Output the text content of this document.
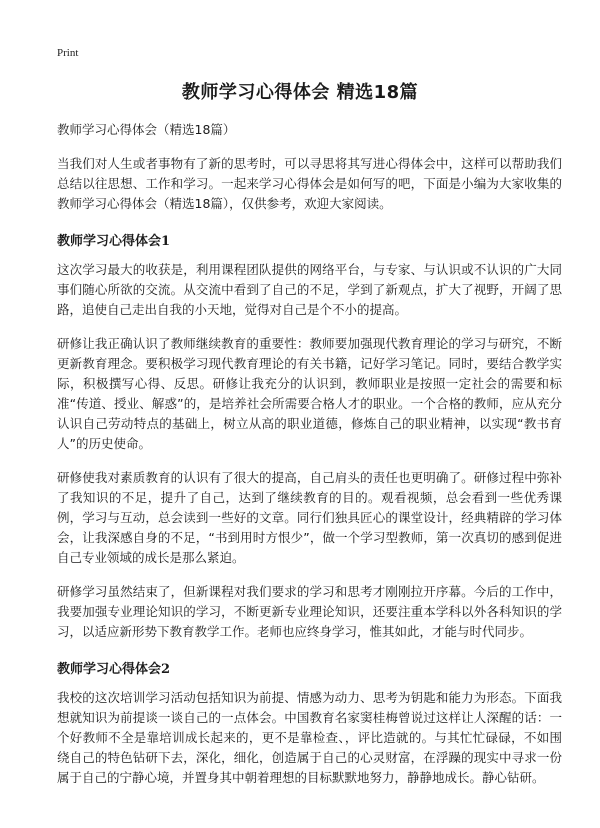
Print
教师学习心得体会 精选18篇

教师学习心得体会（精选18篇）

当我们对人生或者事物有了新的思考时，可以寻思将其写进心得体会中，这样可以帮助我们总结以往思想、工作和学习。一起来学习心得体会是如何写的吧，下面是小编为大家收集的教师学习心得体会（精选18篇），仅供参考，欢迎大家阅读。

教师学习心得体会1

这次学习最大的收获是，利用课程团队提供的网络平台，与专家、与认识或不认识的广大同事们随心所欲的交流。从交流中看到了自己的不足，学到了新观点，扩大了视野，开阔了思路，追使自己走出自我的小天地，觉得对自己是个不小的提高。

研修让我正确认识了教师继续教育的重要性：教师要加强现代教育理论的学习与研究，不断更新教育理念。要积极学习现代教育理论的有关书籍，记好学习笔记。同时，要结合教学实际，积极撰写心得、反思。研修让我充分的认识到，教师职业是按照一定社会的需要和标准“传道、授业、解惑”的，是培养社会所需要合格人才的职业。一个合格的教师，应从充分认识自己劳动特点的基础上，树立从高的职业道德，修炼自己的职业精神，以实现“教书育人”的历史使命。

研修使我对素质教育的认识有了很大的提高，自己肩头的责任也更明确了。研修过程中弥补了我知识的不足，提升了自己，达到了继续教育的目的。观看视频，总会看到一些优秀课例，学习与互动，总会读到一些好的文章。同行们独具匠心的课堂设计，经典精辟的学习体会，让我深感自身的不足，“书到用时方恨少”，做一个学习型教师，第一次真切的感到促进自己专业领域的成长是那么紧迫。

研修学习虽然结束了，但新课程对我们要求的学习和思考才刚刚拉开序幕。今后的工作中，我要加强专业理论知识的学习，不断更新专业理论知识，还要注重本学科以外各科知识的学习，以适应新形势下教育教学工作。老师也应终身学习，惟其如此，才能与时代同步。

教师学习心得体会2

我校的这次培训学习活动包括知识为前提、情感为动力、思考为钥匙和能力为形态。下面我想就知识为前提谈一谈自己的一点体会。中国教育名家窦桂梅曾说过这样让人深醒的话：一个好教师不全是靠培训成长起来的，更不是靠检查、，评比造就的。与其忙忙碌碌，不如围绕自己的特色钻研下去，深化，细化，创造属于自己的心灵财富，在浮躁的现实中寻求一份属于自己的宁静心境，并置身其中朝着理想的目标默默地努力，静静地成长。静心钻研。
